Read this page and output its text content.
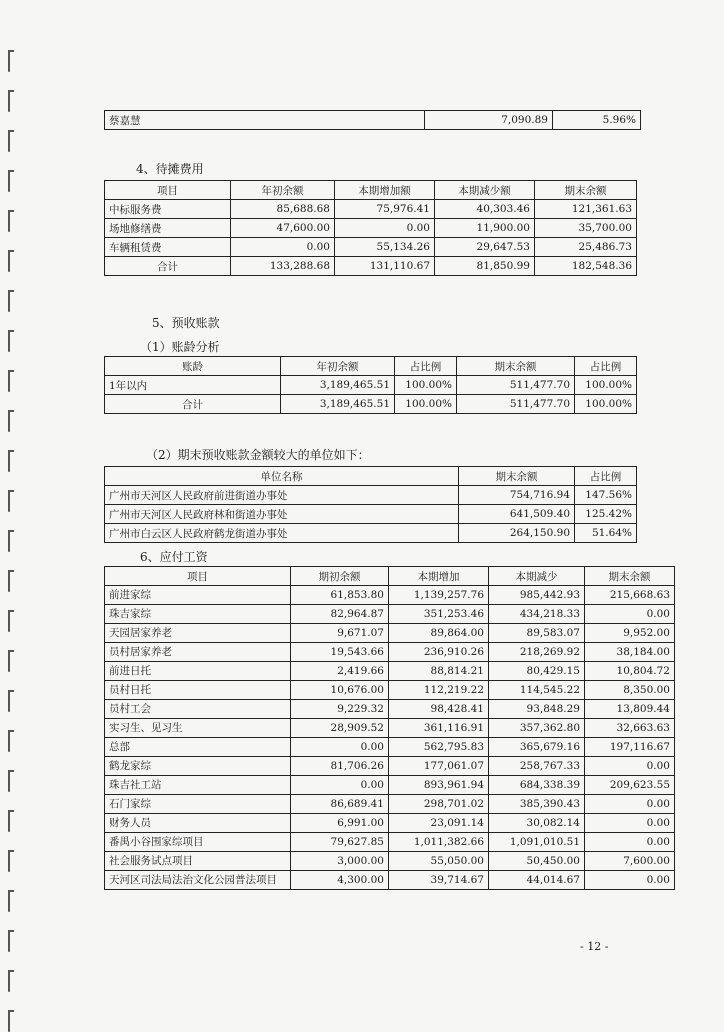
蔡嘉慧	7,090.89	5.96%
4、待摊费用
项目	年初余额	本期增加额	本期减少额	期末余额
中标服务费	85,688.68	75,976.41	40,303.46	121,361.63
场地修缮费	47,600.00	0.00	11,900.00	35,700.00
车辆租赁费	0.00	55,134.26	29,647.53	25,486.73
合计	133,288.68	131,110.67	81,850.99	182,548.36
5、预收账款
（1）账龄分析
账龄	年初余额	占比例	期末余额	占比例
1年以内	3,189,465.51	100.00%	511,477.70	100.00%
合计	3,189,465.51	100.00%	511,477.70	100.00%
（2）期末预收账款金额较大的单位如下：
单位名称	期末余额	占比例
广州市天河区人民政府前进街道办事处	754,716.94	147.56%
广州市天河区人民政府林和街道办事处	641,509.40	125.42%
广州市白云区人民政府鹤龙街道办事处	264,150.90	51.64%
6、应付工资
项目	期初余额	本期增加	本期减少	期末余额
前进家综	61,853.80	1,139,257.76	985,442.93	215,668.63
珠吉家综	82,964.87	351,253.46	434,218.33	0.00
天园居家养老	9,671.07	89,864.00	89,583.07	9,952.00
员村居家养老	19,543.66	236,910.26	218,269.92	38,184.00
前进日托	2,419.66	88,814.21	80,429.15	10,804.72
员村日托	10,676.00	112,219.22	114,545.22	8,350.00
员村工会	9,229.32	98,428.41	93,848.29	13,809.44
实习生、见习生	28,909.52	361,116.91	357,362.80	32,663.63
总部	0.00	562,795.83	365,679.16	197,116.67
鹤龙家综	81,706.26	177,061.07	258,767.33	0.00
珠吉社工站	0.00	893,961.94	684,338.39	209,623.55
石门家综	86,689.41	298,701.02	385,390.43	0.00
财务人员	6,991.00	23,091.14	30,082.14	0.00
番禺小谷围家综项目	79,627.85	1,011,382.66	1,091,010.51	0.00
社会服务试点项目	3,000.00	55,050.00	50,450.00	7,600.00
天河区司法局法治文化公园普法项目	4,300.00	39,714.67	44,014.67	0.00
- 12 -
